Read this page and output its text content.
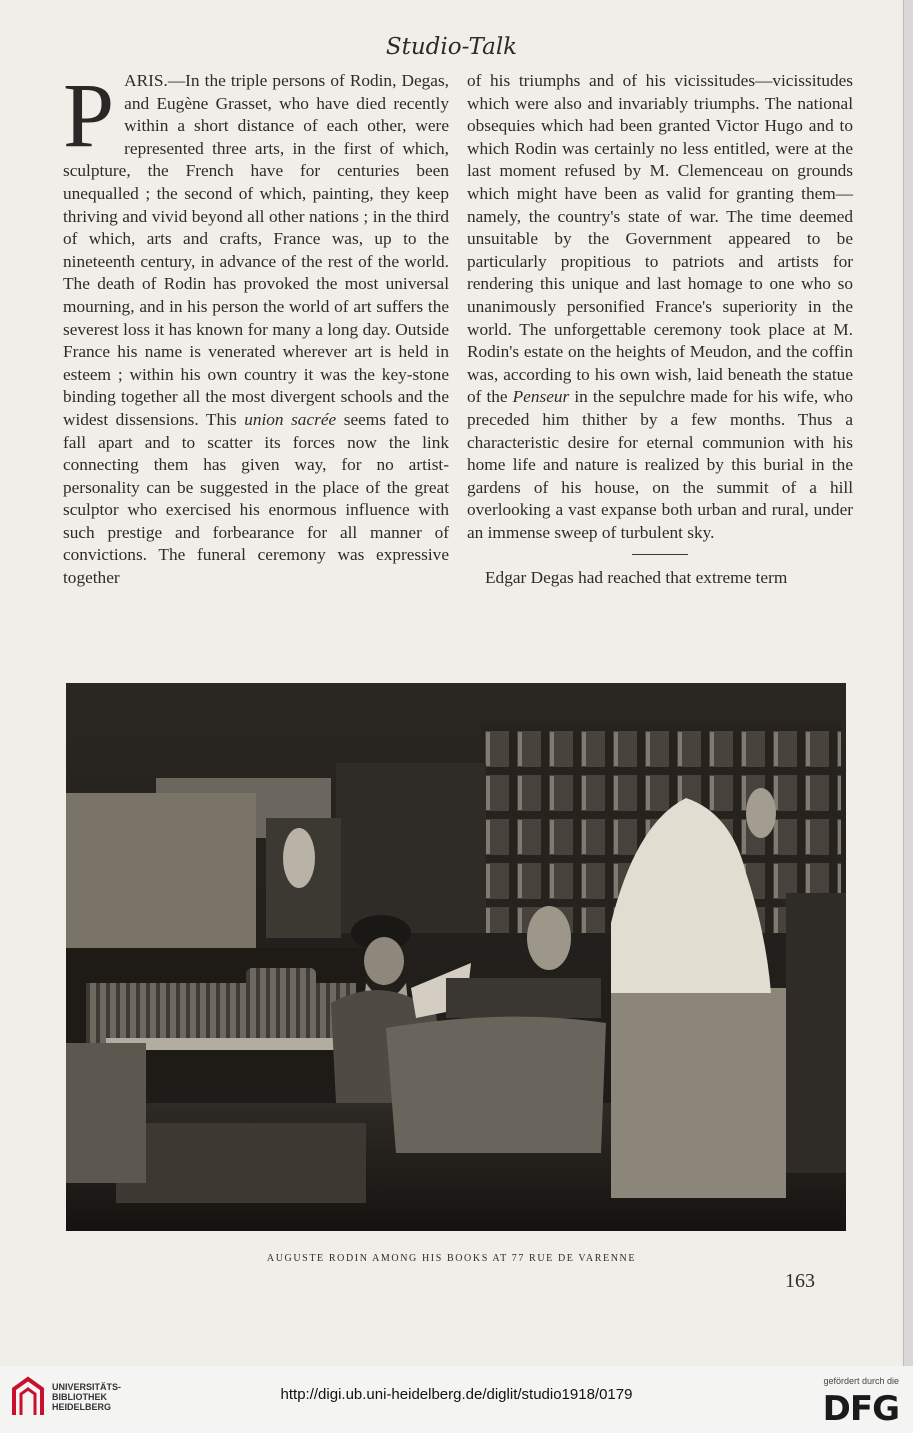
Studio-Talk

PARIS.—In the triple persons of Rodin, Degas, and Eugène Grasset, who have died recently within a short distance of each other, were represented three arts, in the first of which, sculpture, the French have for centuries been unequalled ; the second of which, painting, they keep thriving and vivid beyond all other nations ; in the third of which, arts and crafts, France was, up to the nineteenth century, in advance of the rest of the world. The death of Rodin has provoked the most universal mourning, and in his person the world of art suffers the severest loss it has known for many a long day. Outside France his name is venerated wherever art is held in esteem ; within his own country it was the key-stone binding together all the most divergent schools and the widest dissensions. This union sacrée seems fated to fall apart and to scatter its forces now the link connecting them has given way, for no artist-personality can be suggested in the place of the great sculptor who exercised his enormous influence with such prestige and forbearance for all manner of convictions. The funeral ceremony was expressive together

of his triumphs and of his vicissitudes—vicissitudes which were also and invariably triumphs. The national obsequies which had been granted Victor Hugo and to which Rodin was certainly no less entitled, were at the last moment refused by M. Clemenceau on grounds which might have been as valid for granting them—namely, the country's state of war. The time deemed unsuitable by the Government appeared to be particularly propitious to patriots and artists for rendering this unique and last homage to one who so unanimously personified France's superiority in the world. The unforgettable ceremony took place at M. Rodin's estate on the heights of Meudon, and the coffin was, according to his own wish, laid beneath the statue of the Penseur in the sepulchre made for his wife, who preceded him thither by a few months. Thus a characteristic desire for eternal communion with his home life and nature is realized by this burial in the gardens of his house, on the summit of a hill overlooking a vast expanse both urban and rural, under an immense sweep of turbulent sky.

Edgar Degas had reached that extreme term

AUGUSTE RODIN AMONG HIS BOOKS AT 77 RUE DE VARENNE
163
UNIVERSITÄTS-
BIBLIOTHEK
HEIDELBERG
http://digi.ub.uni-heidelberg.de/diglit/studio1918/0179
gefördert durch die
DFG
